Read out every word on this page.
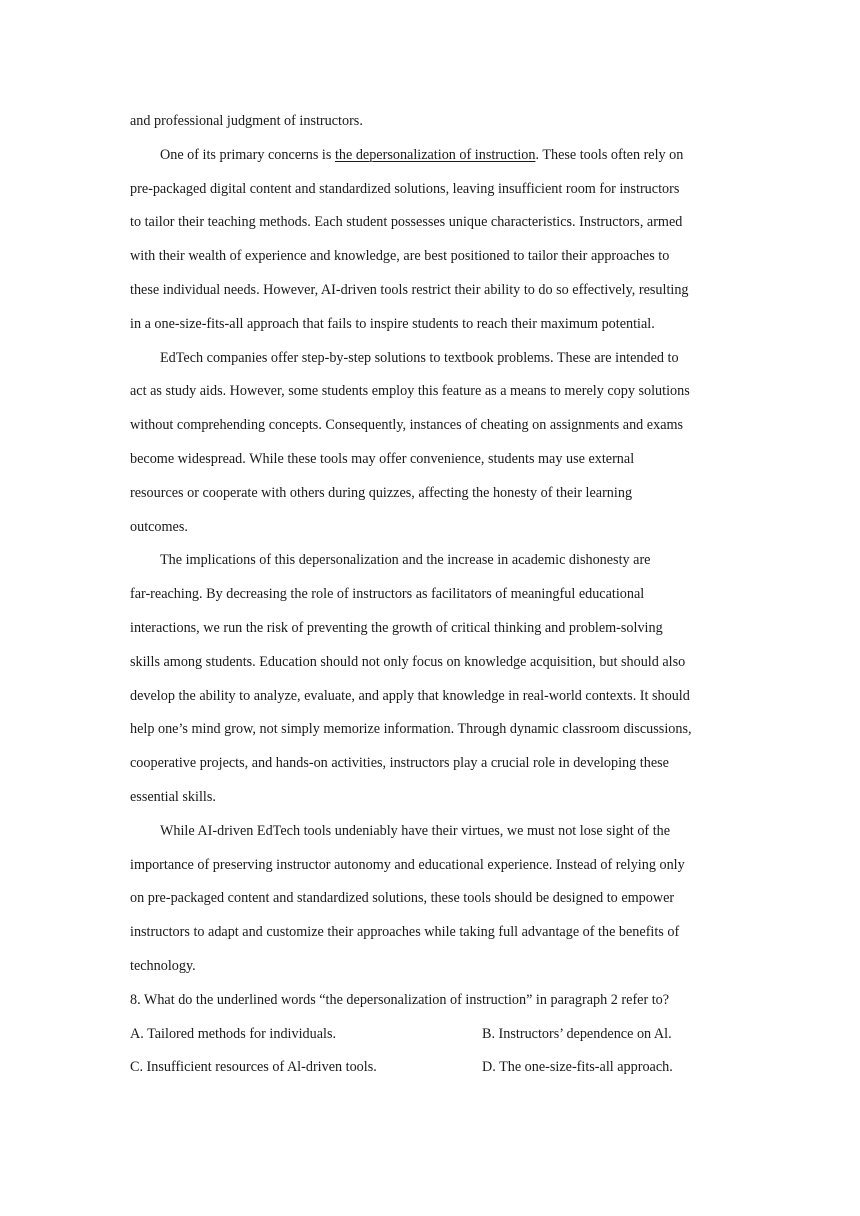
and professional judgment of instructors.
One of its primary concerns is the depersonalization of instruction. These tools often rely on
pre-packaged digital content and standardized solutions, leaving insufficient room for instructors
to tailor their teaching methods. Each student possesses unique characteristics. Instructors, armed
with their wealth of experience and knowledge, are best positioned to tailor their approaches to
these individual needs. However, AI-driven tools restrict their ability to do so effectively, resulting
in a one-size-fits-all approach that fails to inspire students to reach their maximum potential.
EdTech companies offer step-by-step solutions to textbook problems. These are intended to
act as study aids. However, some students employ this feature as a means to merely copy solutions
without comprehending concepts. Consequently, instances of cheating on assignments and exams
become widespread. While these tools may offer convenience, students may use external
resources or cooperate with others during quizzes, affecting the honesty of their learning
outcomes.
The implications of this depersonalization and the increase in academic dishonesty are
far-reaching. By decreasing the role of instructors as facilitators of meaningful educational
interactions, we run the risk of preventing the growth of critical thinking and problem-solving
skills among students. Education should not only focus on knowledge acquisition, but should also
develop the ability to analyze, evaluate, and apply that knowledge in real-world contexts. It should
help one’s mind grow, not simply memorize information. Through dynamic classroom discussions,
cooperative projects, and hands-on activities, instructors play a crucial role in developing these
essential skills.
While AI-driven EdTech tools undeniably have their virtues, we must not lose sight of the
importance of preserving instructor autonomy and educational experience. Instead of relying only
on pre-packaged content and standardized solutions, these tools should be designed to empower
instructors to adapt and customize their approaches while taking full advantage of the benefits of
technology.
8. What do the underlined words “the depersonalization of instruction” in paragraph 2 refer to?
A. Tailored methods for individuals.	B. Instructors’ dependence on Al.
C. Insufficient resources of Al-driven tools.	D. The one-size-fits-all approach.
